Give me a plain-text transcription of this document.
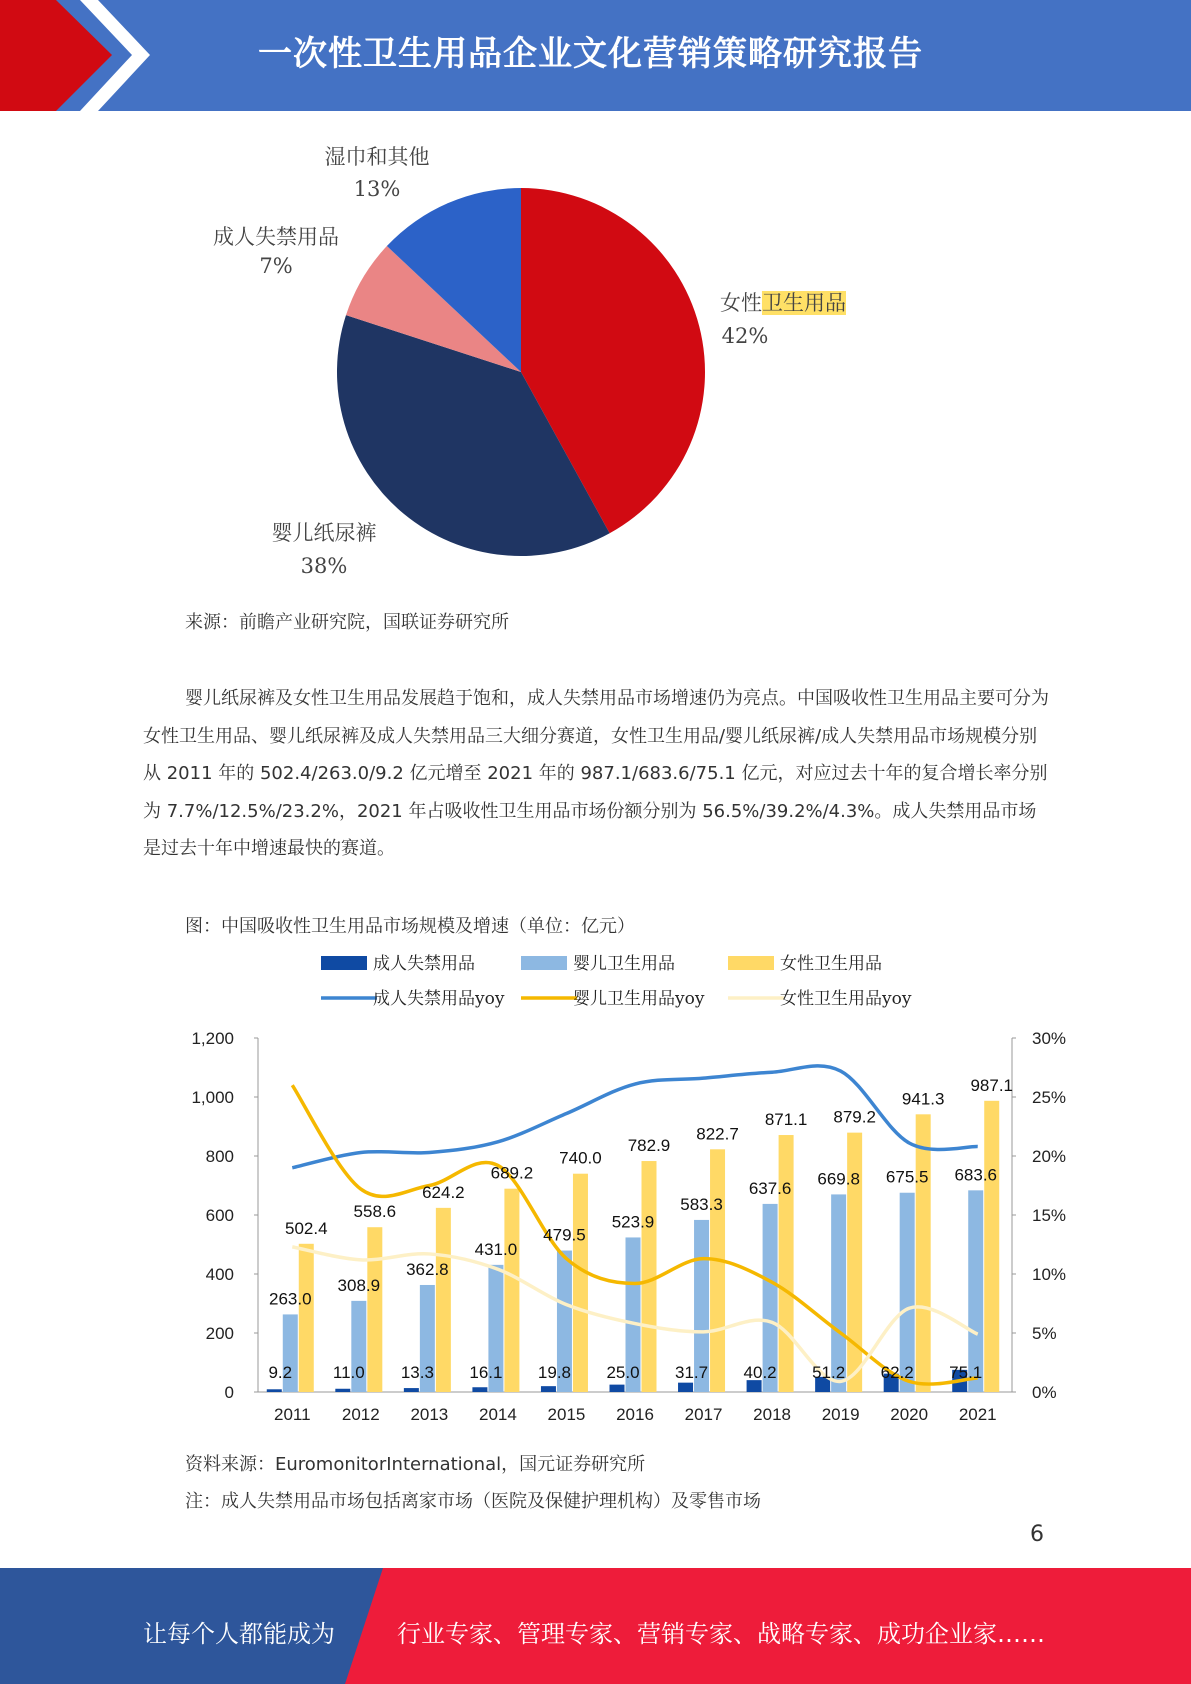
一次性卫生用品企业文化营销策略研究报告
女性卫生用品
42%
婴儿纸尿裤
38%
成人失禁用品
7%
湿巾和其他
13%
来源：前瞻产业研究院，国联证券研究所

婴儿纸尿裤及女性卫生用品发展趋于饱和，成人失禁用品市场增速仍为亮点。中国吸收性卫生用品主要可分为女性卫生用品、婴儿纸尿裤及成人失禁用品三大细分赛道，女性卫生用品/婴儿纸尿裤/成人失禁用品市场规模分别从 2011 年的 502.4/263.0/9.2 亿元增至 2021 年的 987.1/683.6/75.1 亿元，对应过去十年的复合增长率分别为 7.7%/12.5%/23.2%，2021 年占吸收性卫生用品市场份额分别为 56.5%/39.2%/4.3%。成人失禁用品市场是过去十年中增速最快的赛道。

图：中国吸收性卫生用品市场规模及增速（单位：亿元）
0
200
400
600
800
1,000
1,200
0%
5%
10%
15%
20%
25%
30%
2011 2012 2013 2014 2015 2016 2017 2018 2019 2020 2021
9.2
263.0
502.4
11.0
308.9
558.6
13.3
362.8
624.2
16.1
431.0
689.2
19.8
479.5
740.0
25.0
523.9
782.9
31.7
583.3
822.7
40.2
637.6
871.1
51.2
669.8
879.2
62.2
675.5
941.3
75.1
683.6
987.1
成人失禁用品	婴儿卫生用品	女性卫生用品
成人失禁用品yoy	婴儿卫生用品yoy	女性卫生用品yoy
资料来源：EuromonitorInternational，国元证券研究所
注：成人失禁用品市场包括离家市场（医院及保健护理机构）及零售市场
6
让每个人都能成为	行业专家、管理专家、营销专家、战略专家、成功企业家……
